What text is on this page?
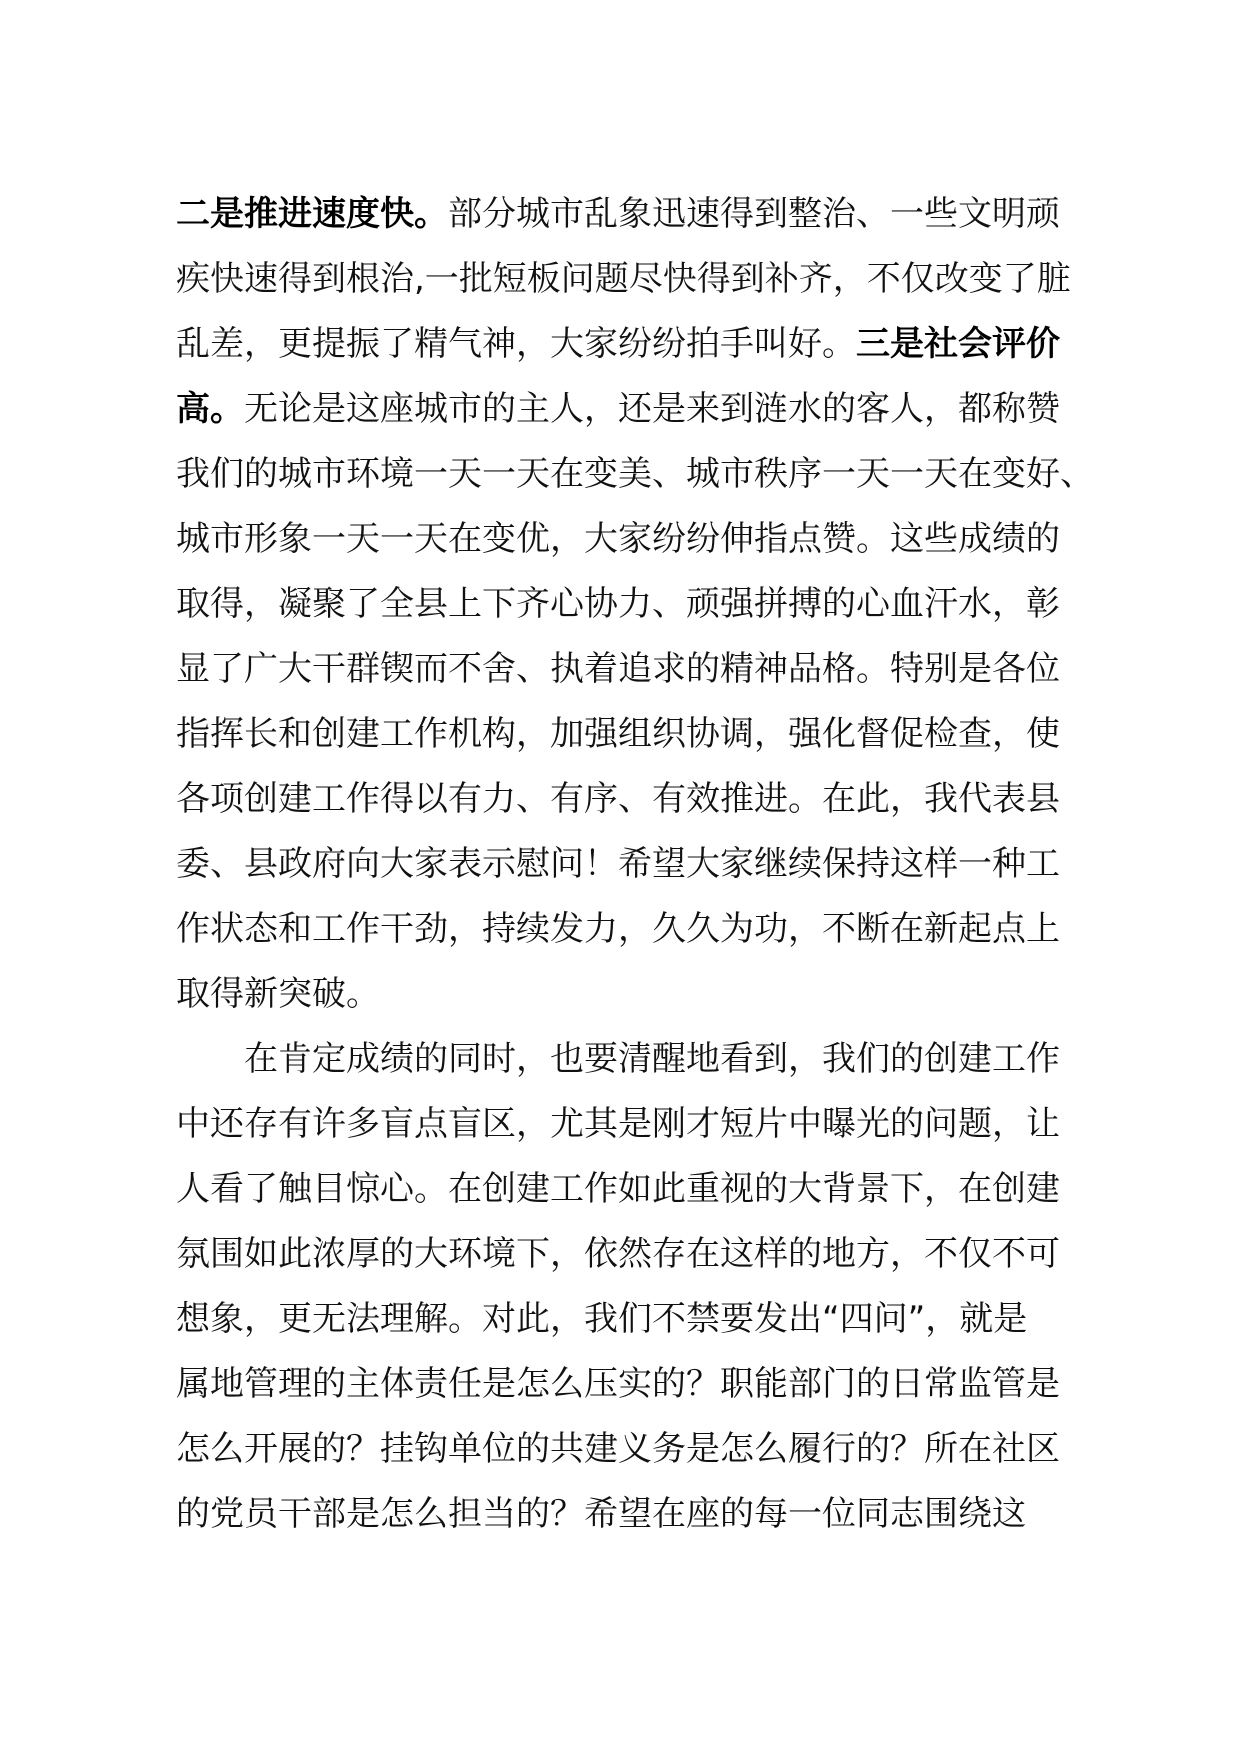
二是推进速度快。部分城市乱象迅速得到整治、一些文明顽
疾快速得到根治,一批短板问题尽快得到补齐，不仅改变了脏
乱差，更提振了精气神，大家纷纷拍手叫好。三是社会评价
高。无论是这座城市的主人，还是来到涟水的客人，都称赞
我们的城市环境一天一天在变美、城市秩序一天一天在变好、
城市形象一天一天在变优，大家纷纷伸指点赞。这些成绩的
取得，凝聚了全县上下齐心协力、顽强拼搏的心血汗水，彰
显了广大干群锲而不舍、执着追求的精神品格。特别是各位
指挥长和创建工作机构，加强组织协调，强化督促检查，使
各项创建工作得以有力、有序、有效推进。在此，我代表县
委、县政府向大家表示慰问！希望大家继续保持这样一种工
作状态和工作干劲，持续发力，久久为功，不断在新起点上
取得新突破。
在肯定成绩的同时，也要清醒地看到，我们的创建工作
中还存有许多盲点盲区，尤其是刚才短片中曝光的问题，让
人看了触目惊心。在创建工作如此重视的大背景下，在创建
氛围如此浓厚的大环境下，依然存在这样的地方，不仅不可
想象，更无法理解。对此，我们不禁要发出“四问”，就是
属地管理的主体责任是怎么压实的？职能部门的日常监管是
怎么开展的？挂钩单位的共建义务是怎么履行的？所在社区
的党员干部是怎么担当的？希望在座的每一位同志围绕这
